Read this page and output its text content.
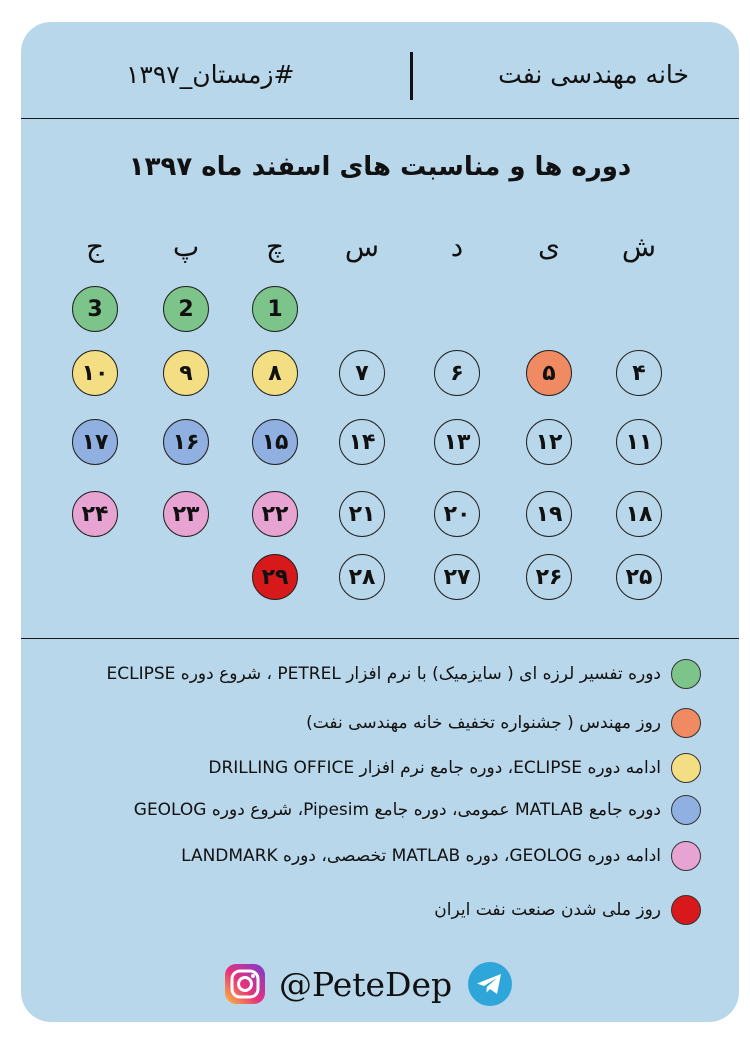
خانه مهندسی نفت
#زمستان_۱۳۹۷
دوره ها و مناسبت های اسفند ماه ۱۳۹۷
ش
ی
د
س
چ
پ
ج
1
2
3
۴
۵
۶
۷
۸
۹
۱۰
۱۱
۱۲
۱۳
۱۴
۱۵
۱۶
۱۷
۱۸
۱۹
۲۰
۲۱
۲۲
۲۳
۲۴
۲۵
۲۶
۲۷
۲۸
۲۹
دوره تفسیر لرزه ای ( سایزمیک) با نرم افزار PETREL ، شروع دوره ECLIPSE
روز مهندس ( جشنواره تخفیف خانه مهندسی نفت)
ادامه دوره ECLIPSE، دوره جامع نرم افزار DRILLING OFFICE
دوره جامع MATLAB عمومی، دوره جامع Pipesim، شروع دوره GEOLOG
ادامه دوره GEOLOG، دوره MATLAB تخصصی، دوره LANDMARK
روز ملی شدن صنعت نفت ایران
@PeteDep
